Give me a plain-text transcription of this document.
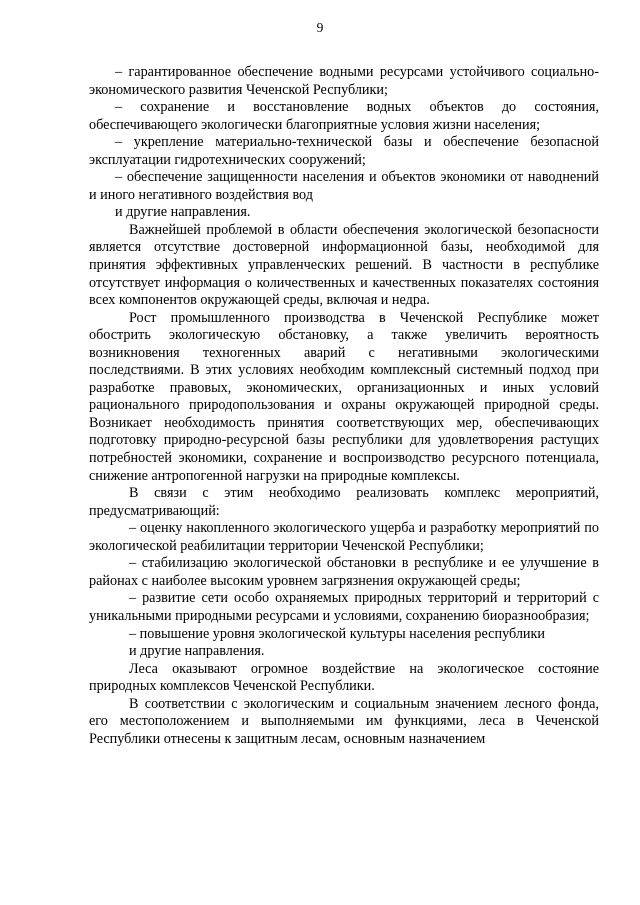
9

– гарантированное обеспечение водными ресурсами устойчивого социально-экономического развития Чеченской Республики;

– сохранение и восстановление водных объектов до состояния, обеспечивающего экологически благоприятные условия жизни населения;

– укрепление материально-технической базы и обеспечение безопасной эксплуатации гидротехнических сооружений;

– обеспечение защищенности населения и объектов экономики от наводнений и иного негативного воздействия вод

и другие направления.

Важнейшей проблемой в области обеспечения экологической безопасности является отсутствие достоверной информационной базы, необходимой для принятия эффективных управленческих решений. В частности в республике отсутствует информация о количественных и качественных показателях состояния всех компонентов окружающей среды, включая и недра.

Рост промышленного производства в Чеченской Республике может обострить экологическую обстановку, а также увеличить вероятность возникновения техногенных аварий с негативными экологическими последствиями. В этих условиях необходим комплексный системный подход при разработке правовых, экономических, организационных и иных условий рационального природопользования и охраны окружающей природной среды. Возникает необходимость принятия соответствующих мер, обеспечивающих подготовку природно-ресурсной базы республики для удовлетворения растущих потребностей экономики, сохранение и воспроизводство ресурсного потенциала, снижение антропогенной нагрузки на природные комплексы.

В связи с этим необходимо реализовать комплекс мероприятий, предусматривающий:

– оценку накопленного экологического ущерба и разработку мероприятий по экологической реабилитации территории Чеченской Республики;

– стабилизацию экологической обстановки в республике и ее улучшение в районах с наиболее высоким уровнем загрязнения окружающей среды;

– развитие сети особо охраняемых природных территорий и территорий с уникальными природными ресурсами и условиями, сохранению биоразнообразия;

– повышение уровня экологической культуры населения республики

и другие направления.

Леса оказывают огромное воздействие на экологическое состояние природных комплексов Чеченской Республики.

В соответствии с экологическим и социальным значением лесного фонда, его местоположением и выполняемыми им функциями, леса в Чеченской Республики отнесены к защитным лесам, основным назначением
